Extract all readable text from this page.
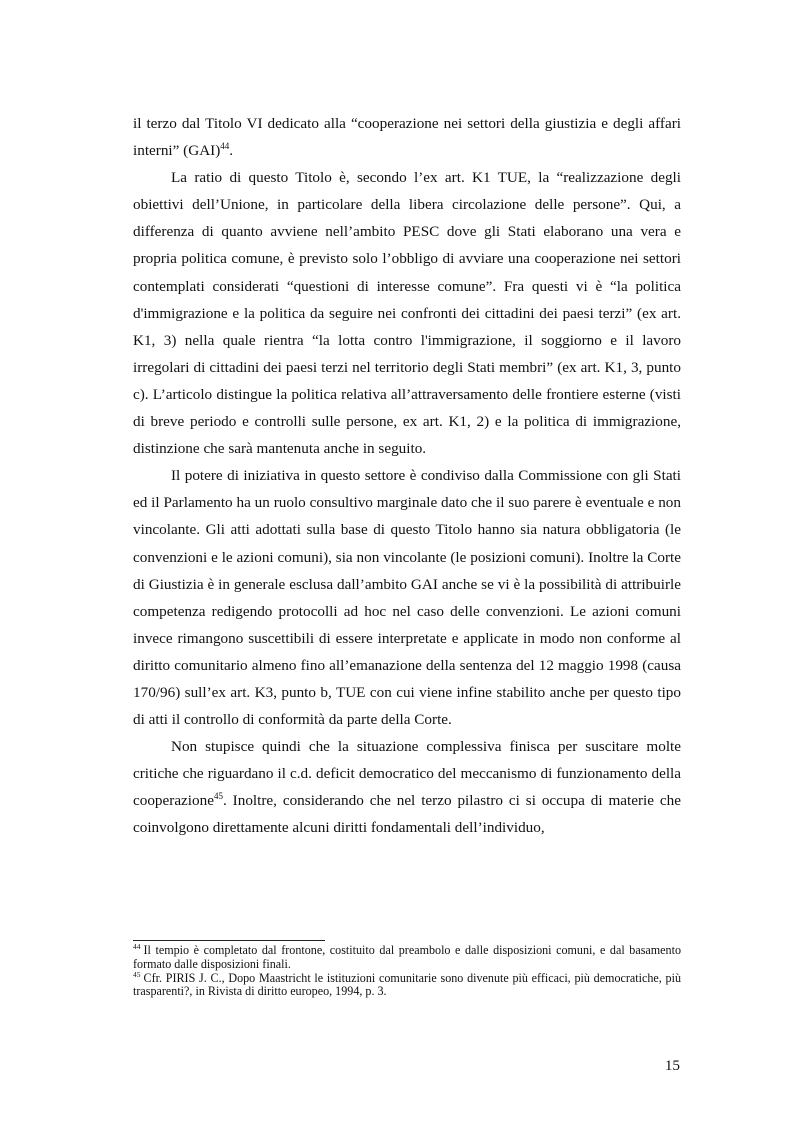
il terzo dal Titolo VI dedicato alla “cooperazione nei settori della giustizia e degli affari interni” (GAI)$^{44}$.

La ratio di questo Titolo è, secondo l’ex art. K1 TUE, la “realizzazione degli obiettivi dell’Unione, in particolare della libera circolazione delle persone”. Qui, a differenza di quanto avviene nell’ambito PESC dove gli Stati elaborano una vera e propria politica comune, è previsto solo l’obbligo di avviare una cooperazione nei settori contemplati considerati “questioni di interesse comune”. Fra questi vi è “la politica d'immigrazione e la politica da seguire nei confronti dei cittadini dei paesi terzi” (ex art. K1, 3) nella quale rientra “la lotta contro l'immigrazione, il soggiorno e il lavoro irregolari di cittadini dei paesi terzi nel territorio degli Stati membri” (ex art. K1, 3, punto c). L’articolo distingue la politica relativa all’attraversamento delle frontiere esterne (visti di breve periodo e controlli sulle persone, ex art. K1, 2) e la politica di immigrazione, distinzione che sarà mantenuta anche in seguito.

Il potere di iniziativa in questo settore è condiviso dalla Commissione con gli Stati ed il Parlamento ha un ruolo consultivo marginale dato che il suo parere è eventuale e non vincolante. Gli atti adottati sulla base di questo Titolo hanno sia natura obbligatoria (le convenzioni e le azioni comuni), sia non vincolante (le posizioni comuni). Inoltre la Corte di Giustizia è in generale esclusa dall’ambito GAI anche se vi è la possibilità di attribuirle competenza redigendo protocolli ad hoc nel caso delle convenzioni. Le azioni comuni invece rimangono suscettibili di essere interpretate e applicate in modo non conforme al diritto comunitario almeno fino all’emanazione della sentenza del 12 maggio 1998 (causa 170/96) sull’ex art. K3, punto b, TUE con cui viene infine stabilito anche per questo tipo di atti il controllo di conformità da parte della Corte.

Non stupisce quindi che la situazione complessiva finisca per suscitare molte critiche che riguardano il c.d. deficit democratico del meccanismo di funzionamento della cooperazione$^{45}$. Inoltre, considerando che nel terzo pilastro ci si occupa di materie che coinvolgono direttamente alcuni diritti fondamentali dell’individuo,

$^{44}$ Il tempio è completato dal frontone, costituito dal preambolo e dalle disposizioni comuni, e dal basamento formato dalle disposizioni finali.

$^{45}$ Cfr. PIRIS J. C., Dopo Maastricht le istituzioni comunitarie sono divenute più efficaci, più democratiche, più trasparenti?, in Rivista di diritto europeo, 1994, p. 3.

15
